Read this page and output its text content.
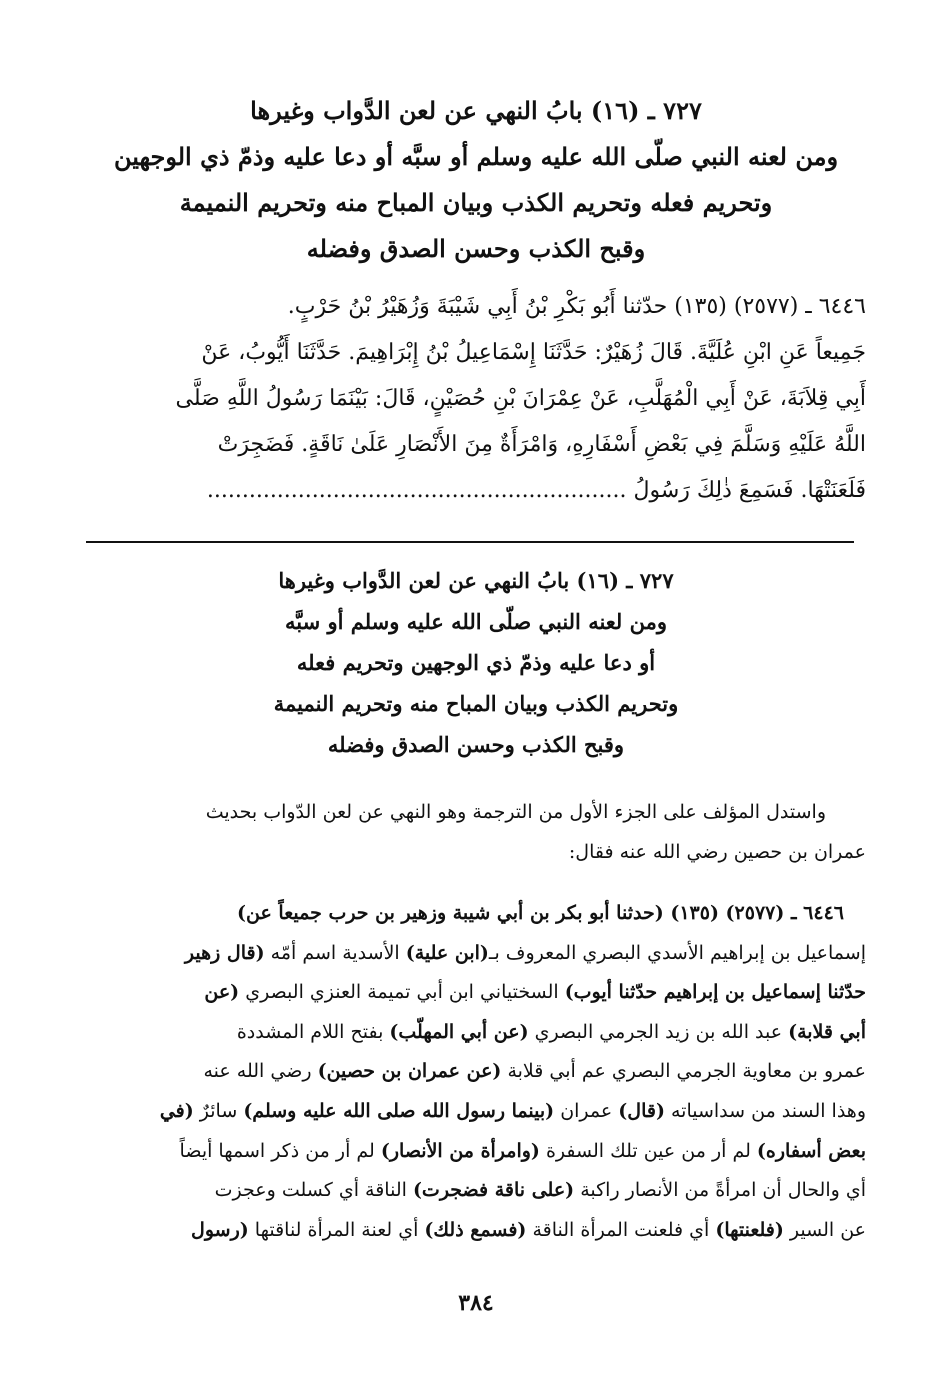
٧٢٧ ـ (١٦) بابُ النهي عن لعن الدَّواب وغيرها
ومن لعنه النبي صلّى الله عليه وسلم أو سبَّه أو دعا عليه وذمّ ذي الوجهين
وتحريم فعله وتحريم الكذب وبيان المباح منه وتحريم النميمة
وقبح الكذب وحسن الصدق وفضله
٦٤٤٦ ـ (٢٥٧٧) (١٣٥) حدّثنا أَبُو بَكْرِ بْنُ أَبِي شَيْبَةَ وَزُهَيْرُ بْنُ حَرْبٍ.
جَمِيعاً عَنِ ابْنِ عُلَيَّةَ. قَالَ زُهَيْرٌ: حَدَّثَنَا إِسْمَاعِيلُ بْنُ إِبْرَاهِيمَ. حَدَّثَنَا أَيُّوبُ، عَنْ
أَبِي قِلاَبَةَ، عَنْ أَبِي الْمُهَلَّبِ، عَنْ عِمْرَانَ بْنِ حُصَيْنٍ، قَالَ: بَيْنَمَا رَسُولُ اللَّهِ صَلَّى
اللَّهُ عَلَيْهِ وَسَلَّمَ فِي بَعْضِ أَسْفَارِهِ، وَامْرَأَةٌ مِنَ الأَنْصَارِ عَلَىٰ نَاقَةٍ. فَضَجِرَتْ
فَلَعَنَتْهَا. فَسَمِعَ ذٰلِكَ رَسُولُ ............................................................
٧٢٧ ـ (١٦) بابُ النهي عن لعن الدَّواب وغيرها
ومن لعنه النبي صلّى الله عليه وسلم أو سبَّه
أو دعا عليه وذمّ ذي الوجهين وتحريم فعله
وتحريم الكذب وبيان المباح منه وتحريم النميمة
وقبح الكذب وحسن الصدق وفضله
واستدل المؤلف على الجزء الأول من الترجمة وهو النهي عن لعن الدّواب بحديث
عمران بن حصين رضي الله عنه فقال:
٦٤٤٦ ـ (٢٥٧٧) (١٣٥) (حدثنا أبو بكر بن أبي شيبة وزهير بن حرب جميعاً عن)
إسماعيل بن إبراهيم الأسدي البصري المعروف بـ(ابن علية) الأسدية اسم أمّه (قال زهير
حدّثنا إسماعيل بن إبراهيم حدّثنا أيوب) السختياني ابن أبي تميمة العنزي البصري (عن
أبي قلابة) عبد الله بن زيد الجرمي البصري (عن أبي المهلّب) بفتح اللام المشددة
عمرو بن معاوية الجرمي البصري عم أبي قلابة (عن عمران بن حصين) رضي الله عنه
وهذا السند من سداسياته (قال) عمران (بينما رسول الله صلى الله عليه وسلم) سائرٌ (في
بعض أسفاره) لم أر من عين تلك السفرة (وامرأة من الأنصار) لم أر من ذكر اسمها أيضاً
أي والحال أن امرأةً من الأنصار راكبة (على ناقة فضجرت) الناقة أي كسلت وعجزت
عن السير (فلعنتها) أي فلعنت المرأة الناقة (فسمع ذلك) أي لعنة المرأة لناقتها (رسول
٣٨٤
